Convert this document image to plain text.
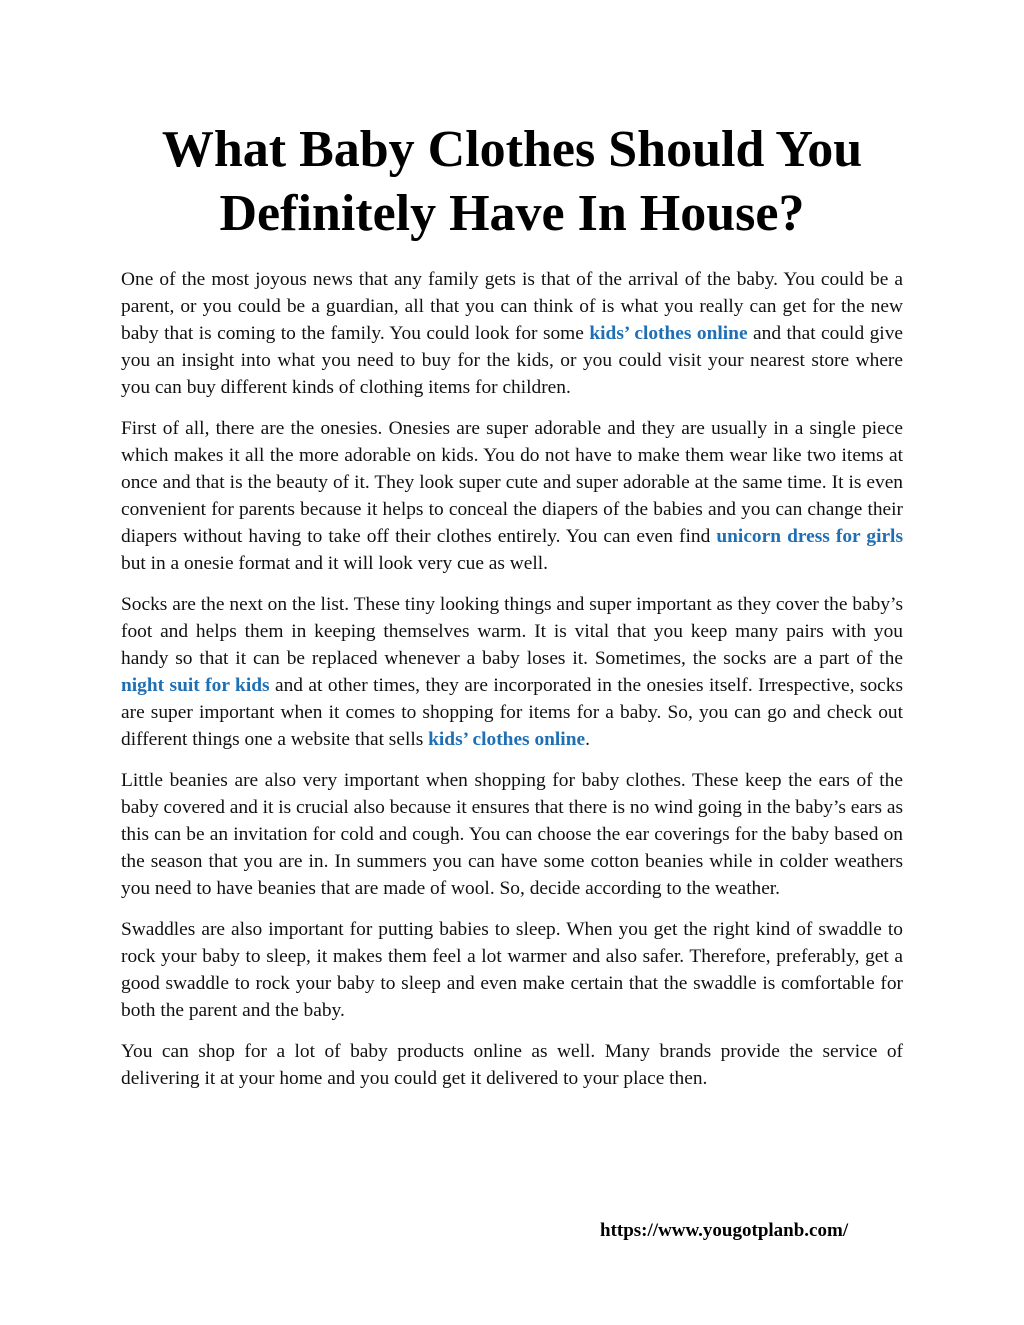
What Baby Clothes Should You
Definitely Have In House?

One of the most joyous news that any family gets is that of the arrival of the baby. You could be a parent, or you could be a guardian, all that you can think of is what you really can get for the new baby that is coming to the family. You could look for some kids’ clothes online and that could give you an insight into what you need to buy for the kids, or you could visit your nearest store where you can buy different kinds of clothing items for children.

First of all, there are the onesies. Onesies are super adorable and they are usually in a single piece which makes it all the more adorable on kids. You do not have to make them wear like two items at once and that is the beauty of it. They look super cute and super adorable at the same time. It is even convenient for parents because it helps to conceal the diapers of the babies and you can change their diapers without having to take off their clothes entirely. You can even find unicorn dress for girls but in a onesie format and it will look very cue as well.

Socks are the next on the list. These tiny looking things and super important as they cover the baby’s foot and helps them in keeping themselves warm. It is vital that you keep many pairs with you handy so that it can be replaced whenever a baby loses it. Sometimes, the socks are a part of the night suit for kids and at other times, they are incorporated in the onesies itself. Irrespective, socks are super important when it comes to shopping for items for a baby. So, you can go and check out different things one a website that sells kids’ clothes online.

Little beanies are also very important when shopping for baby clothes. These keep the ears of the baby covered and it is crucial also because it ensures that there is no wind going in the baby’s ears as this can be an invitation for cold and cough. You can choose the ear coverings for the baby based on the season that you are in. In summers you can have some cotton beanies while in colder weathers you need to have beanies that are made of wool. So, decide according to the weather.

Swaddles are also important for putting babies to sleep. When you get the right kind of swaddle to rock your baby to sleep, it makes them feel a lot warmer and also safer. Therefore, preferably, get a good swaddle to rock your baby to sleep and even make certain that the swaddle is comfortable for both the parent and the baby.

You can shop for a lot of baby products online as well. Many brands provide the service of delivering it at your home and you could get it delivered to your place then.

https://www.yougotplanb.com/
